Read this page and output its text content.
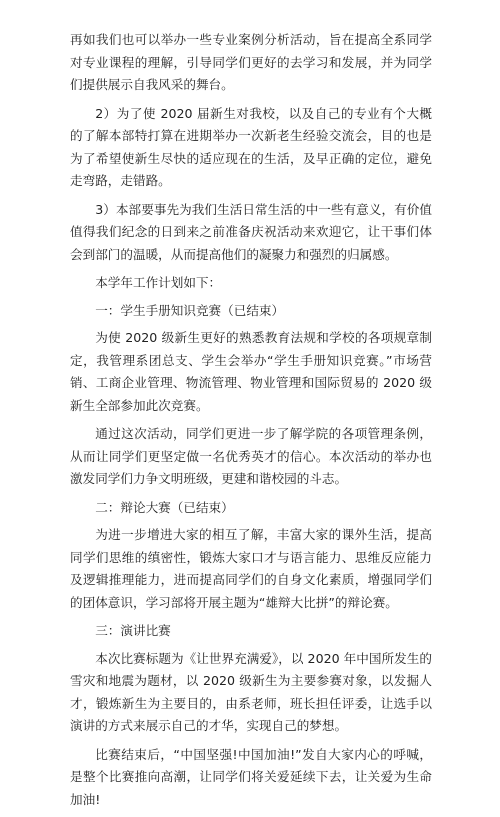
再如我们也可以举办一些专业案例分析活动，旨在提高全系同学对专业课程的理解，引导同学们更好的去学习和发展，并为同学们提供展示自我风采的舞台。

2）为了使 2020 届新生对我校，以及自己的专业有个大概的了解本部特打算在进期举办一次新老生经验交流会，目的也是为了希望使新生尽快的适应现在的生活，及早正确的定位，避免走弯路，走错路。

3）本部要事先为我们生活日常生活的中一些有意义，有价值值得我们纪念的日到来之前准备庆祝活动来欢迎它，让干事们体会到部门的温暖，从而提高他们的凝聚力和强烈的归属感。

本学年工作计划如下：

一：学生手册知识竞赛（已结束）

为使 2020 级新生更好的熟悉教育法规和学校的各项规章制定，我管理系团总支、学生会举办“学生手册知识竞赛。”市场营销、工商企业管理、物流管理、物业管理和国际贸易的 2020 级新生全部参加此次竞赛。

通过这次活动，同学们更进一步了解学院的各项管理条例，从而让同学们更坚定做一名优秀英才的信心。本次活动的举办也激发同学们力争文明班级，更建和谐校园的斗志。

二：辩论大赛（已结束）

为进一步增进大家的相互了解，丰富大家的课外生活，提高同学们思维的缜密性，锻炼大家口才与语言能力、思维反应能力及逻辑推理能力，进而提高同学们的自身文化素质，增强同学们的团体意识，学习部将开展主题为“雄辩大比拼”的辩论赛。

三：演讲比赛

本次比赛标题为《让世界充满爱》，以 2020 年中国所发生的雪灾和地震为题材，以 2020 级新生为主要参赛对象，以发掘人才，锻炼新生为主要目的，由系老师，班长担任评委，让选手以演讲的方式来展示自己的才华，实现自己的梦想。

比赛结束后，“中国坚强!中国加油!”发自大家内心的呼喊，是整个比赛推向高潮，让同学们将关爱延续下去，让关爱为生命加油!
